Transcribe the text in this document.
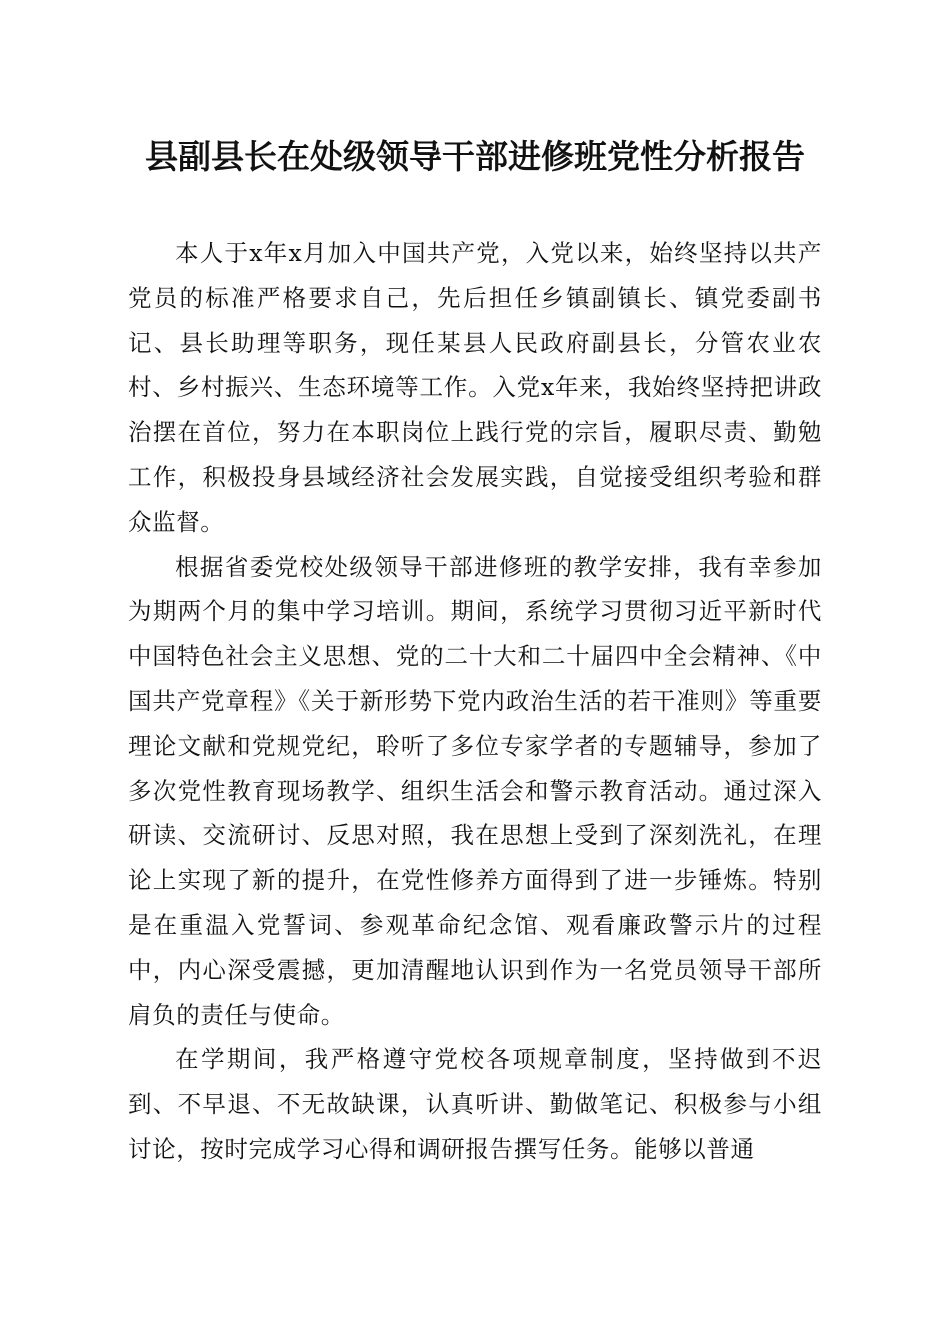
县副县长在处级领导干部进修班党性分析报告

本人于x年x月加入中国共产党，入党以来，始终坚持以共产党员的标准严格要求自己，先后担任乡镇副镇长、镇党委副书记、县长助理等职务，现任某县人民政府副县长，分管农业农村、乡村振兴、生态环境等工作。入党x年来，我始终坚持把讲政治摆在首位，努力在本职岗位上践行党的宗旨，履职尽责、勤勉工作，积极投身县域经济社会发展实践，自觉接受组织考验和群众监督。

根据省委党校处级领导干部进修班的教学安排，我有幸参加为期两个月的集中学习培训。期间，系统学习贯彻习近平新时代中国特色社会主义思想、党的二十大和二十届四中全会精神、《中国共产党章程》《关于新形势下党内政治生活的若干准则》等重要理论文献和党规党纪，聆听了多位专家学者的专题辅导，参加了多次党性教育现场教学、组织生活会和警示教育活动。通过深入研读、交流研讨、反思对照，我在思想上受到了深刻洗礼，在理论上实现了新的提升，在党性修养方面得到了进一步锤炼。特别是在重温入党誓词、参观革命纪念馆、观看廉政警示片的过程中，内心深受震撼，更加清醒地认识到作为一名党员领导干部所肩负的责任与使命。

在学期间，我严格遵守党校各项规章制度，坚持做到不迟到、不早退、不无故缺课，认真听讲、勤做笔记、积极参与小组讨论，按时完成学习心得和调研报告撰写任务。能够以普通
